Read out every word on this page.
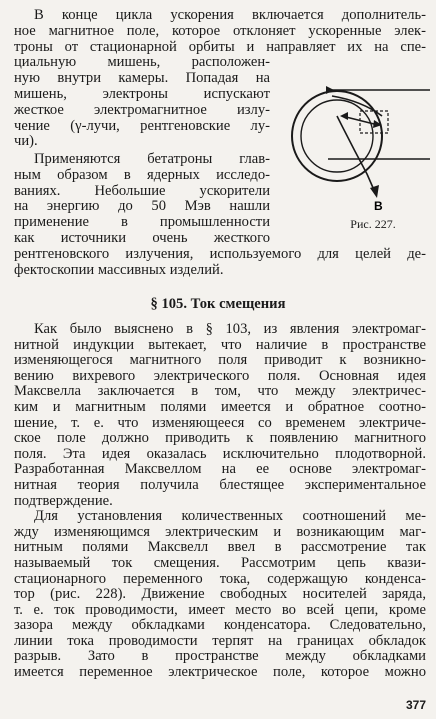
В конце цикла ускорения включается дополнитель-
ное магнитное поле, которое отклоняет ускоренные элек-
троны от стационарной орбиты и направляет их на спе-
циальную мишень, расположен-
ную внутри камеры. Попадая на
мишень, электроны испускают
жесткое электромагнитное излу-
чение (γ-лучи, рентгеновские лу-
чи).
Применяются бетатроны глав-
ным образом в ядерных исследо-
ваниях. Небольшие ускорители
на энергию до 50 Мэв нашли
применение в промышленности
как источники очень жесткого
рентгеновского излучения, используемого для целей де-
фектоскопии массивных изделий.
B
Рис. 227.
§ 105. Ток смещения
Как было выяснено в § 103, из явления электромаг-
нитной индукции вытекает, что наличие в пространстве
изменяющегося магнитного поля приводит к возникно-
вению вихревого электрического поля. Основная идея
Максвелла заключается в том, что между электричес-
ким и магнитным полями имеется и обратное соотно-
шение, т. е. что изменяющееся со временем электриче-
ское поле должно приводить к появлению магнитного
поля. Эта идея оказалась исключительно плодотворной.
Разработанная Максвеллом на ее основе электромаг-
нитная теория получила блестящее экспериментальное
подтверждение.
Для установления количественных соотношений ме-
жду изменяющимся электрическим и возникающим маг-
нитным полями Максвелл ввел в рассмотрение так
называемый ток смещения. Рассмотрим цепь квази-
стационарного переменного тока, содержащую конденса-
тор (рис. 228). Движение свободных носителей заряда,
т. е. ток проводимости, имеет место во всей цепи, кроме
зазора между обкладками конденсатора. Следовательно,
линии тока проводимости терпят на границах обкладок
разрыв. Зато в пространстве между обкладками
имеется переменное электрическое поле, которое можно
377
